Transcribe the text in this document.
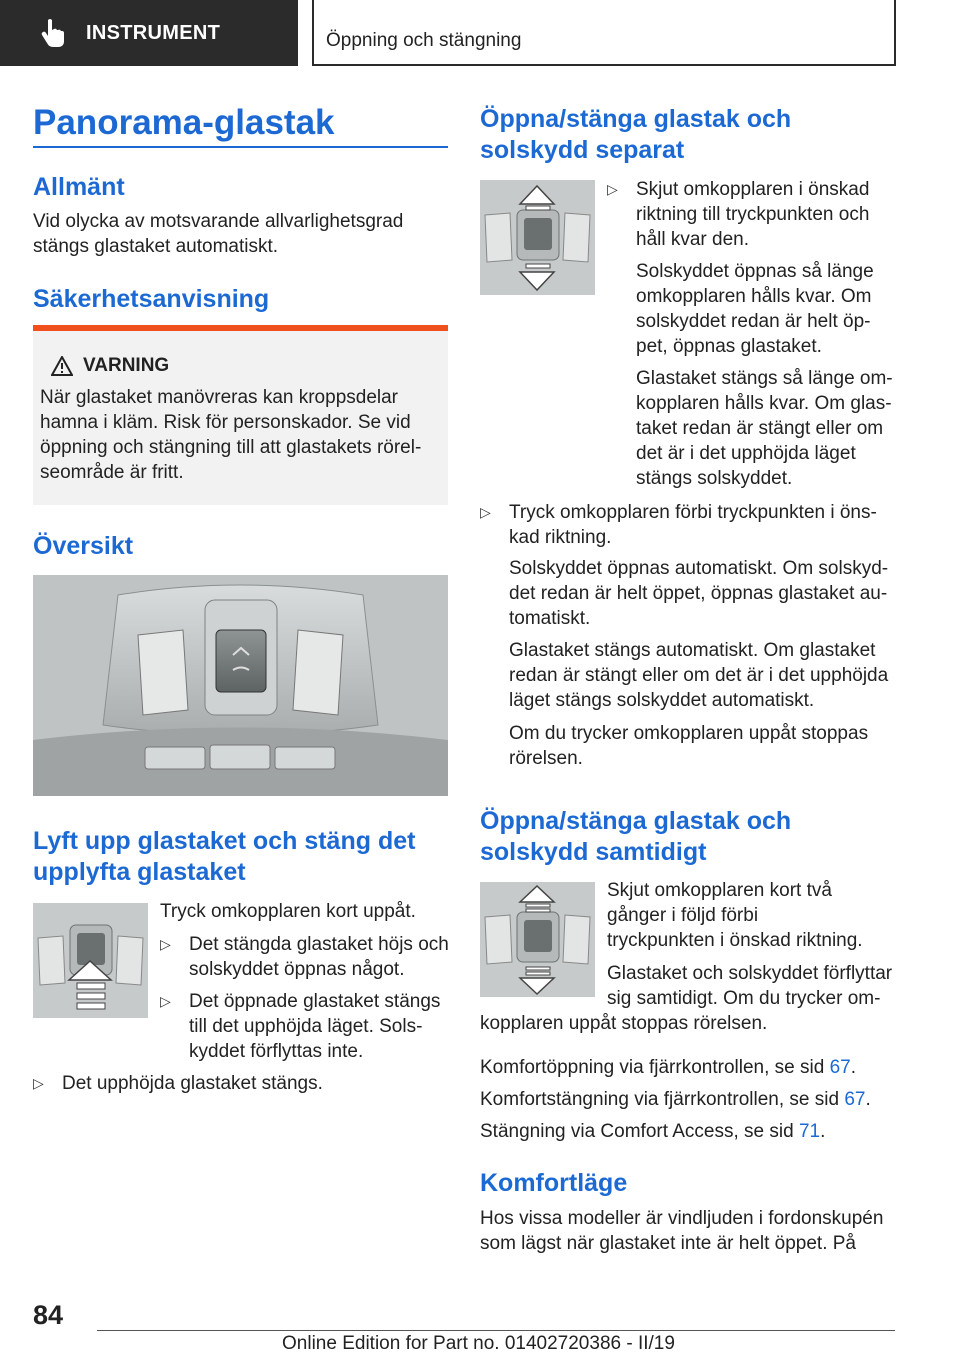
INSTRUMENT	Öppning och stängning
Panorama-glastak
Allmänt

Vid olycka av motsvarande allvarlighetsgrad stängs glastaket automatiskt.

Säkerhetsanvisning
VARNING
När glastaket manövreras kan kroppsdelar hamna i kläm. Risk för personskador. Se vid öppning och stängning till att glastakets rörel-seområde är fritt.
Översikt
Lyft upp glastaket och stäng det upplyfta glastaket

Tryck omkopplaren kort uppåt.

▷ Det stängda glastaket höjs och solskyddet öppnas något.
▷ Det öppnade glastaket stängs till det upphöjda läget. Sols-kyddet förflyttas inte.
▷ Det upphöjda glastaket stängs.
Öppna/stänga glastak och solskydd separat
▷ Skjut omkopplaren i önskad riktning till tryckpunkten och håll kvar den.

Solskyddet öppnas så länge omkopplaren hålls kvar. Om solskyddet redan är helt öp-pet, öppnas glastaket.

Glastaket stängs så länge om-kopplaren hålls kvar. Om glas-taket redan är stängt eller om det är i det upphöjda läget stängs solskyddet.

▷ Tryck omkopplaren förbi tryckpunkten i öns-kad riktning.

Solskyddet öppnas automatiskt. Om solskyd-det redan är helt öppet, öppnas glastaket au-tomatiskt.

Glastaket stängs automatiskt. Om glastaket redan är stängt eller om det är i det upphöjda läget stängs solskyddet automatiskt.

Om du trycker omkopplaren uppåt stoppas rörelsen.

Öppna/stänga glastak och solskydd samtidigt

Skjut omkopplaren kort två gånger i följd förbi tryckpunkten i önskad riktning.

Glastaket och solskyddet förflyttar sig samtidigt. Om du trycker om-

kopplaren uppåt stoppas rörelsen.

Komfortöppning via fjärrkontrollen, se sid 67.

Komfortstängning via fjärrkontrollen, se sid 67.

Stängning via Comfort Access, se sid 71.

Komfortläge

Hos vissa modeller är vindljuden i fordonskupén som lägst när glastaket inte är helt öppet. På

84
Online Edition for Part no. 01402720386 - II/19
